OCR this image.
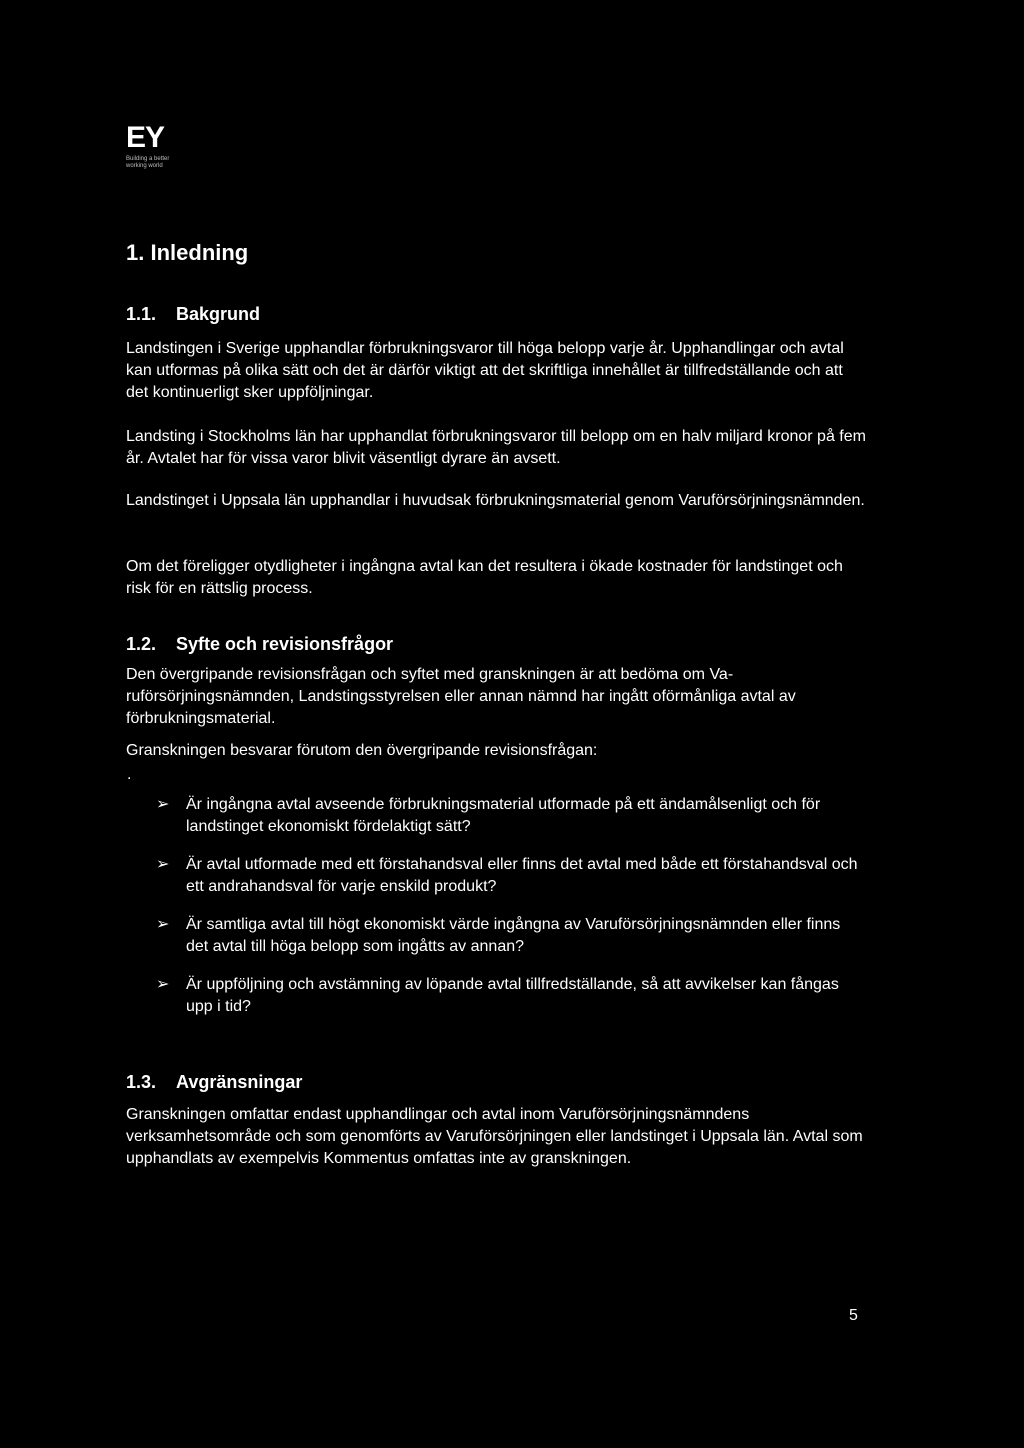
EY
Building a better working world
1. Inledning
1.1. Bakgrund

Landstingen i Sverige upphandlar förbrukningsvaror till höga belopp varje år. Upphandlingar och avtal kan utformas på olika sätt och det är därför viktigt att det skriftliga innehållet är tillfredställande och att det kontinuerligt sker uppföljningar.

Landsting i Stockholms län har upphandlat förbrukningsvaror till belopp om en halv miljard kronor på fem år. Avtalet har för vissa varor blivit väsentligt dyrare än avsett.

Landstinget i Uppsala län upphandlar i huvudsak förbrukningsmaterial genom Varuförsörjningsnämnden.

Om det föreligger otydligheter i ingångna avtal kan det resultera i ökade kostnader för landstinget och risk för en rättslig process.

1.2. Syfte och revisionsfrågor

Den övergripande revisionsfrågan och syftet med granskningen är att bedöma om Varuförsörjningsnämnden, Landstingsstyrelsen eller annan nämnd har ingått oförmånliga avtal av förbrukningsmaterial.

Granskningen besvarar förutom den övergripande revisionsfrågan:

.
➢ Är ingångna avtal avseende förbrukningsmaterial utformade på ett ändamålsenligt och för landstinget ekonomiskt fördelaktigt sätt?
➢ Är avtal utformade med ett förstahandsval eller finns det avtal med både ett förstahandsval och ett andrahandsval för varje enskild produkt?
➢ Är samtliga avtal till högt ekonomiskt värde ingångna av Varuförsörjningsnämnden eller finns det avtal till höga belopp som ingåtts av annan?
➢ Är uppföljning och avstämning av löpande avtal tillfredställande, så att avvikelser kan fångas upp i tid?
1.3. Avgränsningar

Granskningen omfattar endast upphandlingar och avtal inom Varuförsörjningsnämndens verksamhetsområde och som genomförts av Varuförsörjningen eller landstinget i Uppsala län. Avtal som upphandlats av exempelvis Kommentus omfattas inte av granskningen.

5
